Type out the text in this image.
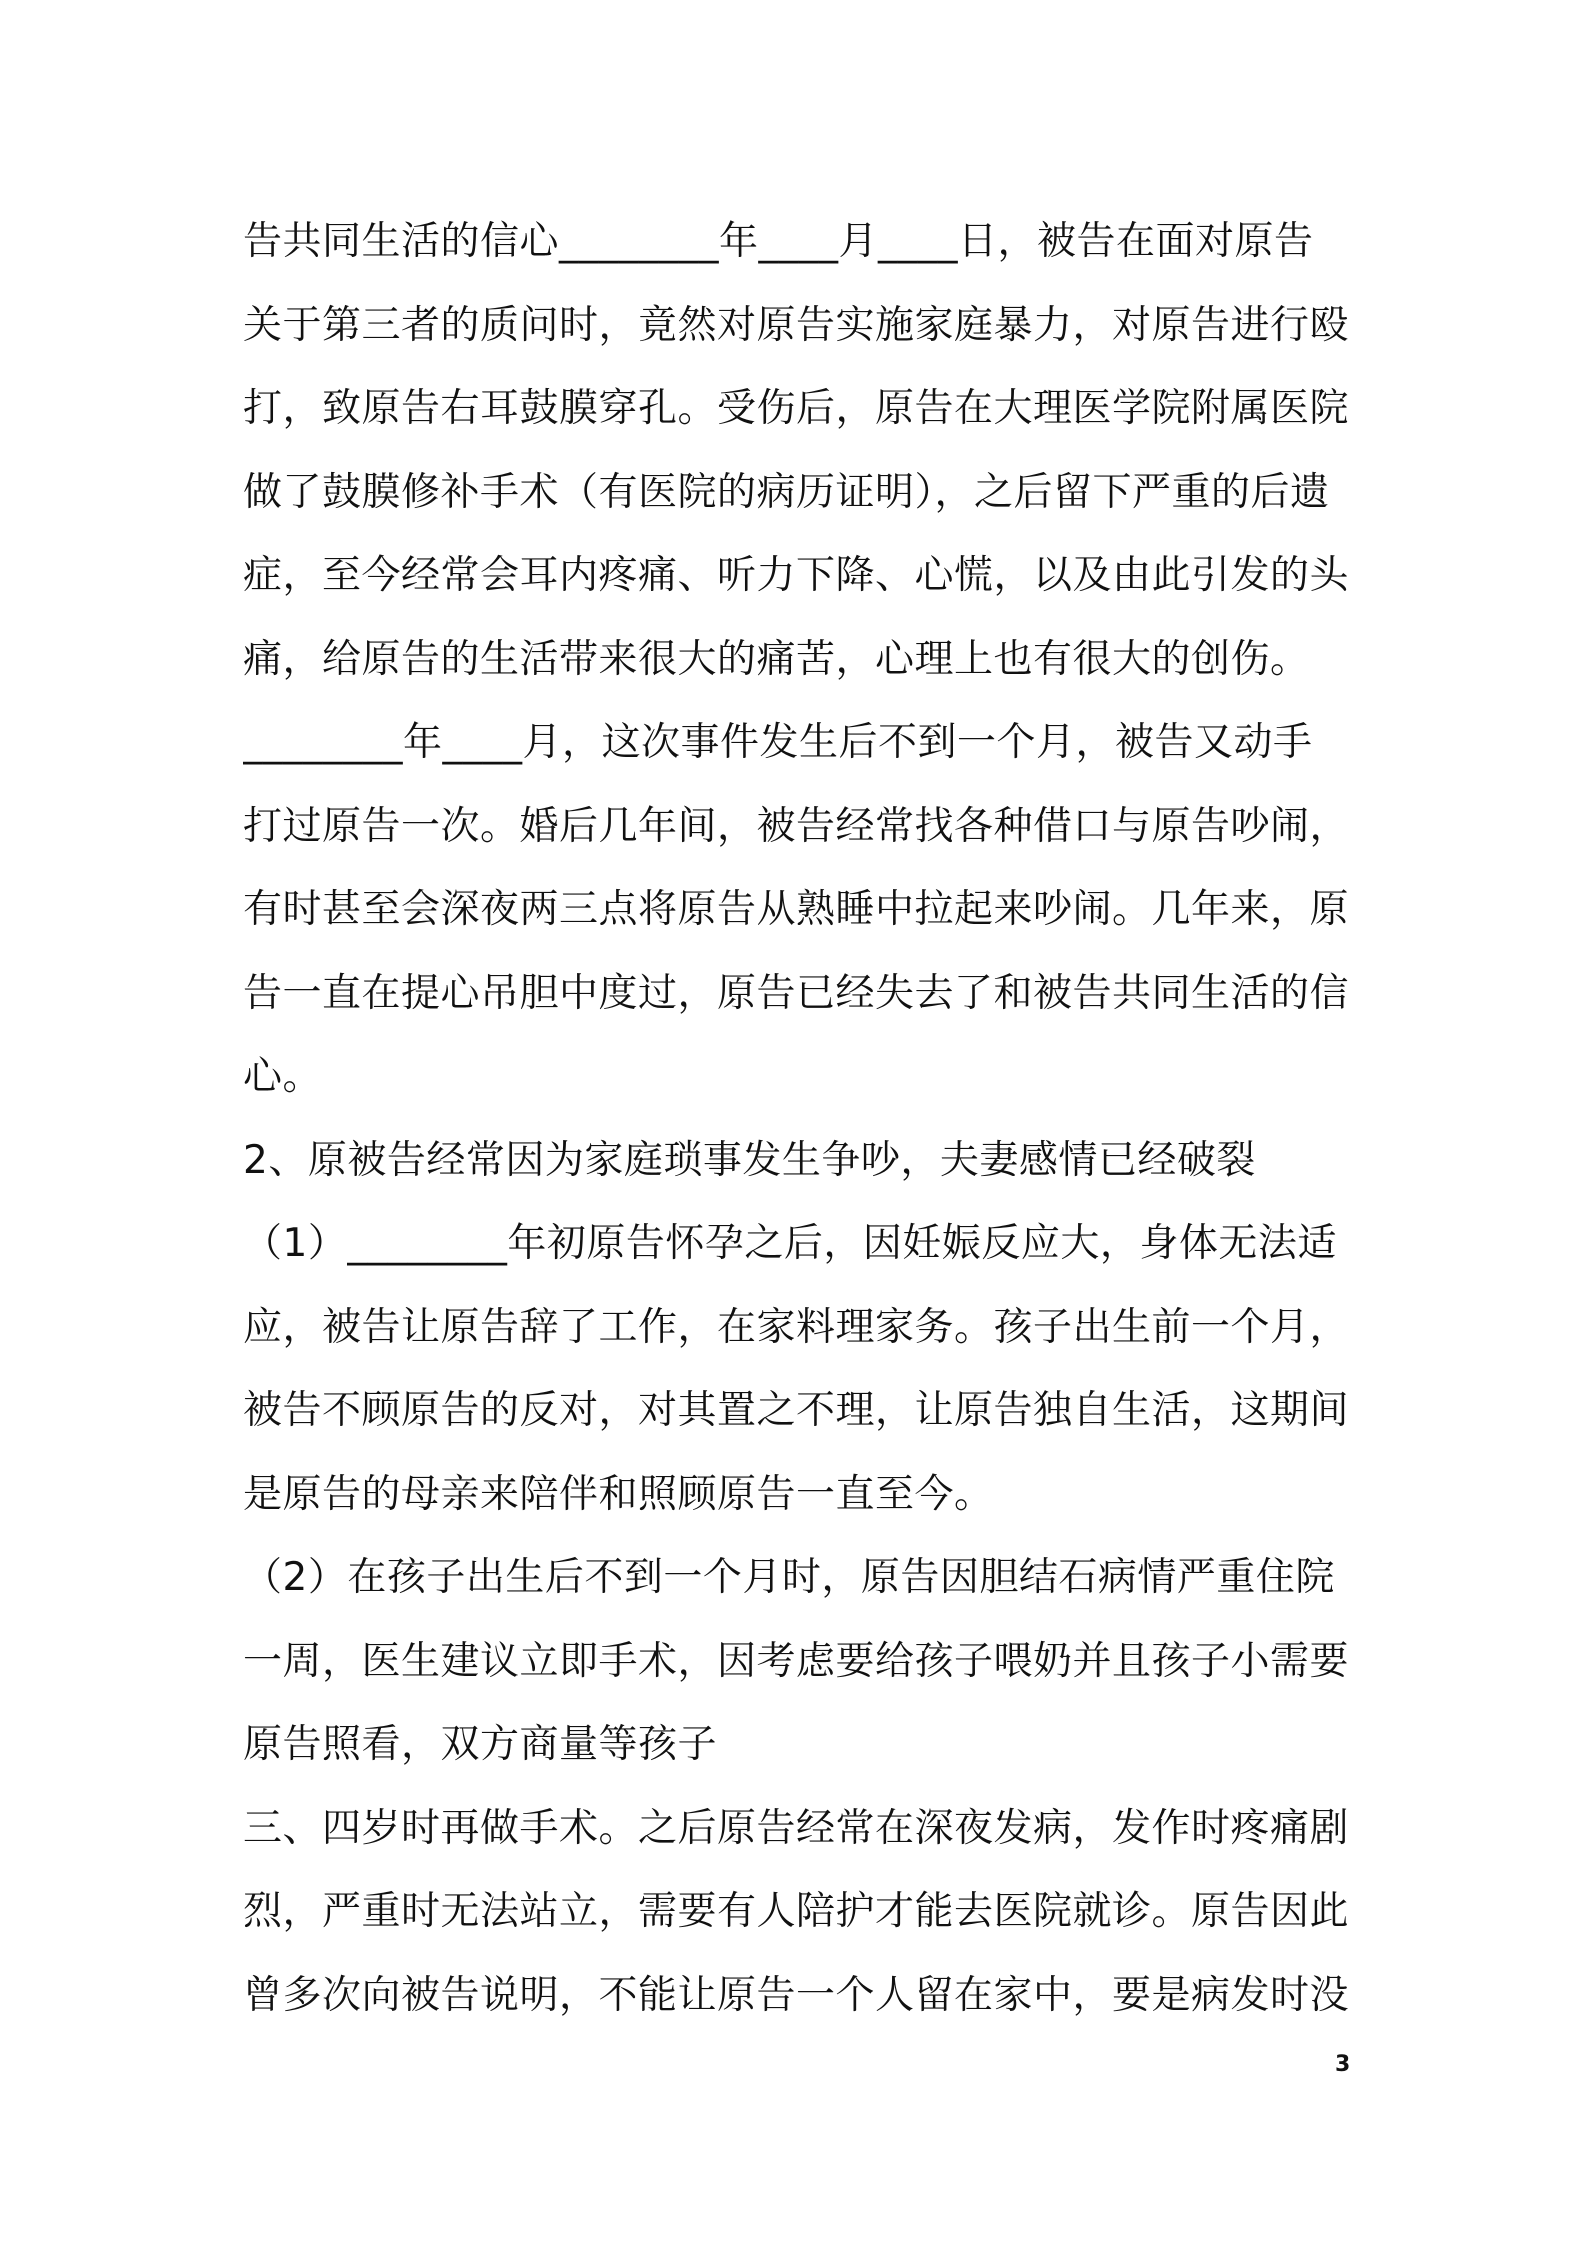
告共同生活的信心________年____月____日，被告在面对原告
关于第三者的质问时，竟然对原告实施家庭暴力，对原告进行殴
打，致原告右耳鼓膜穿孔。受伤后，原告在大理医学院附属医院
做了鼓膜修补手术（有医院的病历证明），之后留下严重的后遗
症，至今经常会耳内疼痛、听力下降、心慌，以及由此引发的头
痛，给原告的生活带来很大的痛苦，心理上也有很大的创伤。
________年____月，这次事件发生后不到一个月，被告又动手
打过原告一次。婚后几年间，被告经常找各种借口与原告吵闹，
有时甚至会深夜两三点将原告从熟睡中拉起来吵闹。几年来，原
告一直在提心吊胆中度过，原告已经失去了和被告共同生活的信
心。
2、原被告经常因为家庭琐事发生争吵，夫妻感情已经破裂
（1）________年初原告怀孕之后，因妊娠反应大，身体无法适
应，被告让原告辞了工作，在家料理家务。孩子出生前一个月，
被告不顾原告的反对，对其置之不理，让原告独自生活，这期间
是原告的母亲来陪伴和照顾原告一直至今。
（2）在孩子出生后不到一个月时，原告因胆结石病情严重住院
一周，医生建议立即手术，因考虑要给孩子喂奶并且孩子小需要
原告照看，双方商量等孩子
三、四岁时再做手术。之后原告经常在深夜发病，发作时疼痛剧
烈，严重时无法站立，需要有人陪护才能去医院就诊。原告因此
曾多次向被告说明，不能让原告一个人留在家中，要是病发时没
3
